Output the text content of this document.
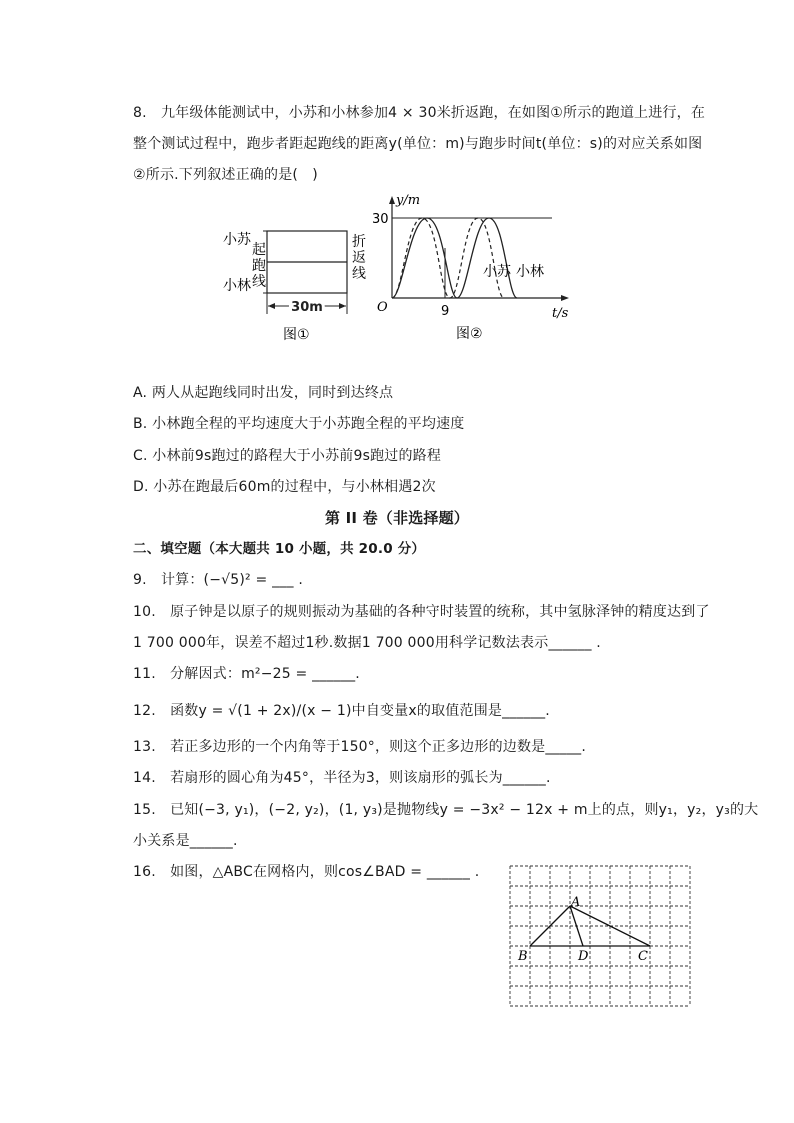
8.　九年级体能测试中，小苏和小林参加4 × 30米折返跑，在如图①所示的跑道上进行，在
整个测试过程中，跑步者距起跑线的距离y(单位：m)与跑步时间t(单位：s)的对应关系如图
②所示.下列叙述正确的是(　)
小苏
小林
起
跑
线
折
返
线
30m
图①
y/m
30
O	9	t/s
小苏 小林
图②
A. 两人从起跑线同时出发，同时到达终点
B. 小林跑全程的平均速度大于小苏跑全程的平均速度
C. 小林前9s跑过的路程大于小苏前9s跑过的路程
D. 小苏在跑最后60m的过程中，与小林相遇2次
第 II 卷（非选择题）
二、填空题（本大题共 10 小题，共 20.0 分）
9.　计算：(−√5)² = ___ .
10.　原子钟是以原子的规则振动为基础的各种守时装置的统称，其中氢脉泽钟的精度达到了
1 700 000年，误差不超过1秒.数据1 700 000用科学记数法表示______ .
11.　分解因式：m²−25 = ______.
12.　函数y = √(1 + 2x)/(x − 1)中自变量x的取值范围是______.
13.　若正多边形的一个内角等于150°，则这个正多边形的边数是_____.
14.　若扇形的圆心角为45°，半径为3，则该扇形的弧长为______.
15.　已知(−3, y₁)，(−2, y₂)，(1, y₃)是抛物线y = −3x² − 12x + m上的点，则y₁，y₂，y₃的大
小关系是______.
16.　如图，△ABC在网格内，则cos∠BAD = ______ .
A
B	D	C
